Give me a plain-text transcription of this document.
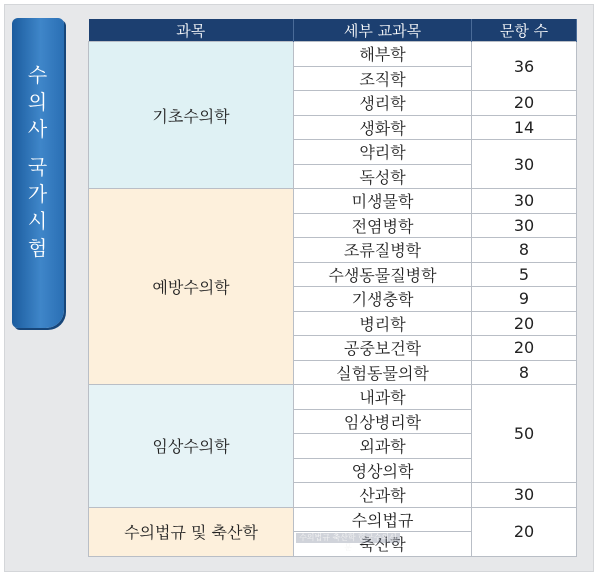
수
의
사
국
가
시
험
과목	세부 교과목	문항 수
기초수의학	해부학	36
	조직학	
	생리학	20
	생화학	14
	약리학	30
	독성학	
예방수의학	미생물학	30
	전염병학	30
	조류질병학	8
	수생동물질병학	5
	기생충학	9
	병리학	20
	공중보건학	20
	실험동물의학	8
임상수의학	내과학	50
	임상병리학	
	외과학	
	영상의학	
	산과학	30
수의법규 및 축산학	수의법규	20
	축산학	
수의법규 축산학 한국수의신문
